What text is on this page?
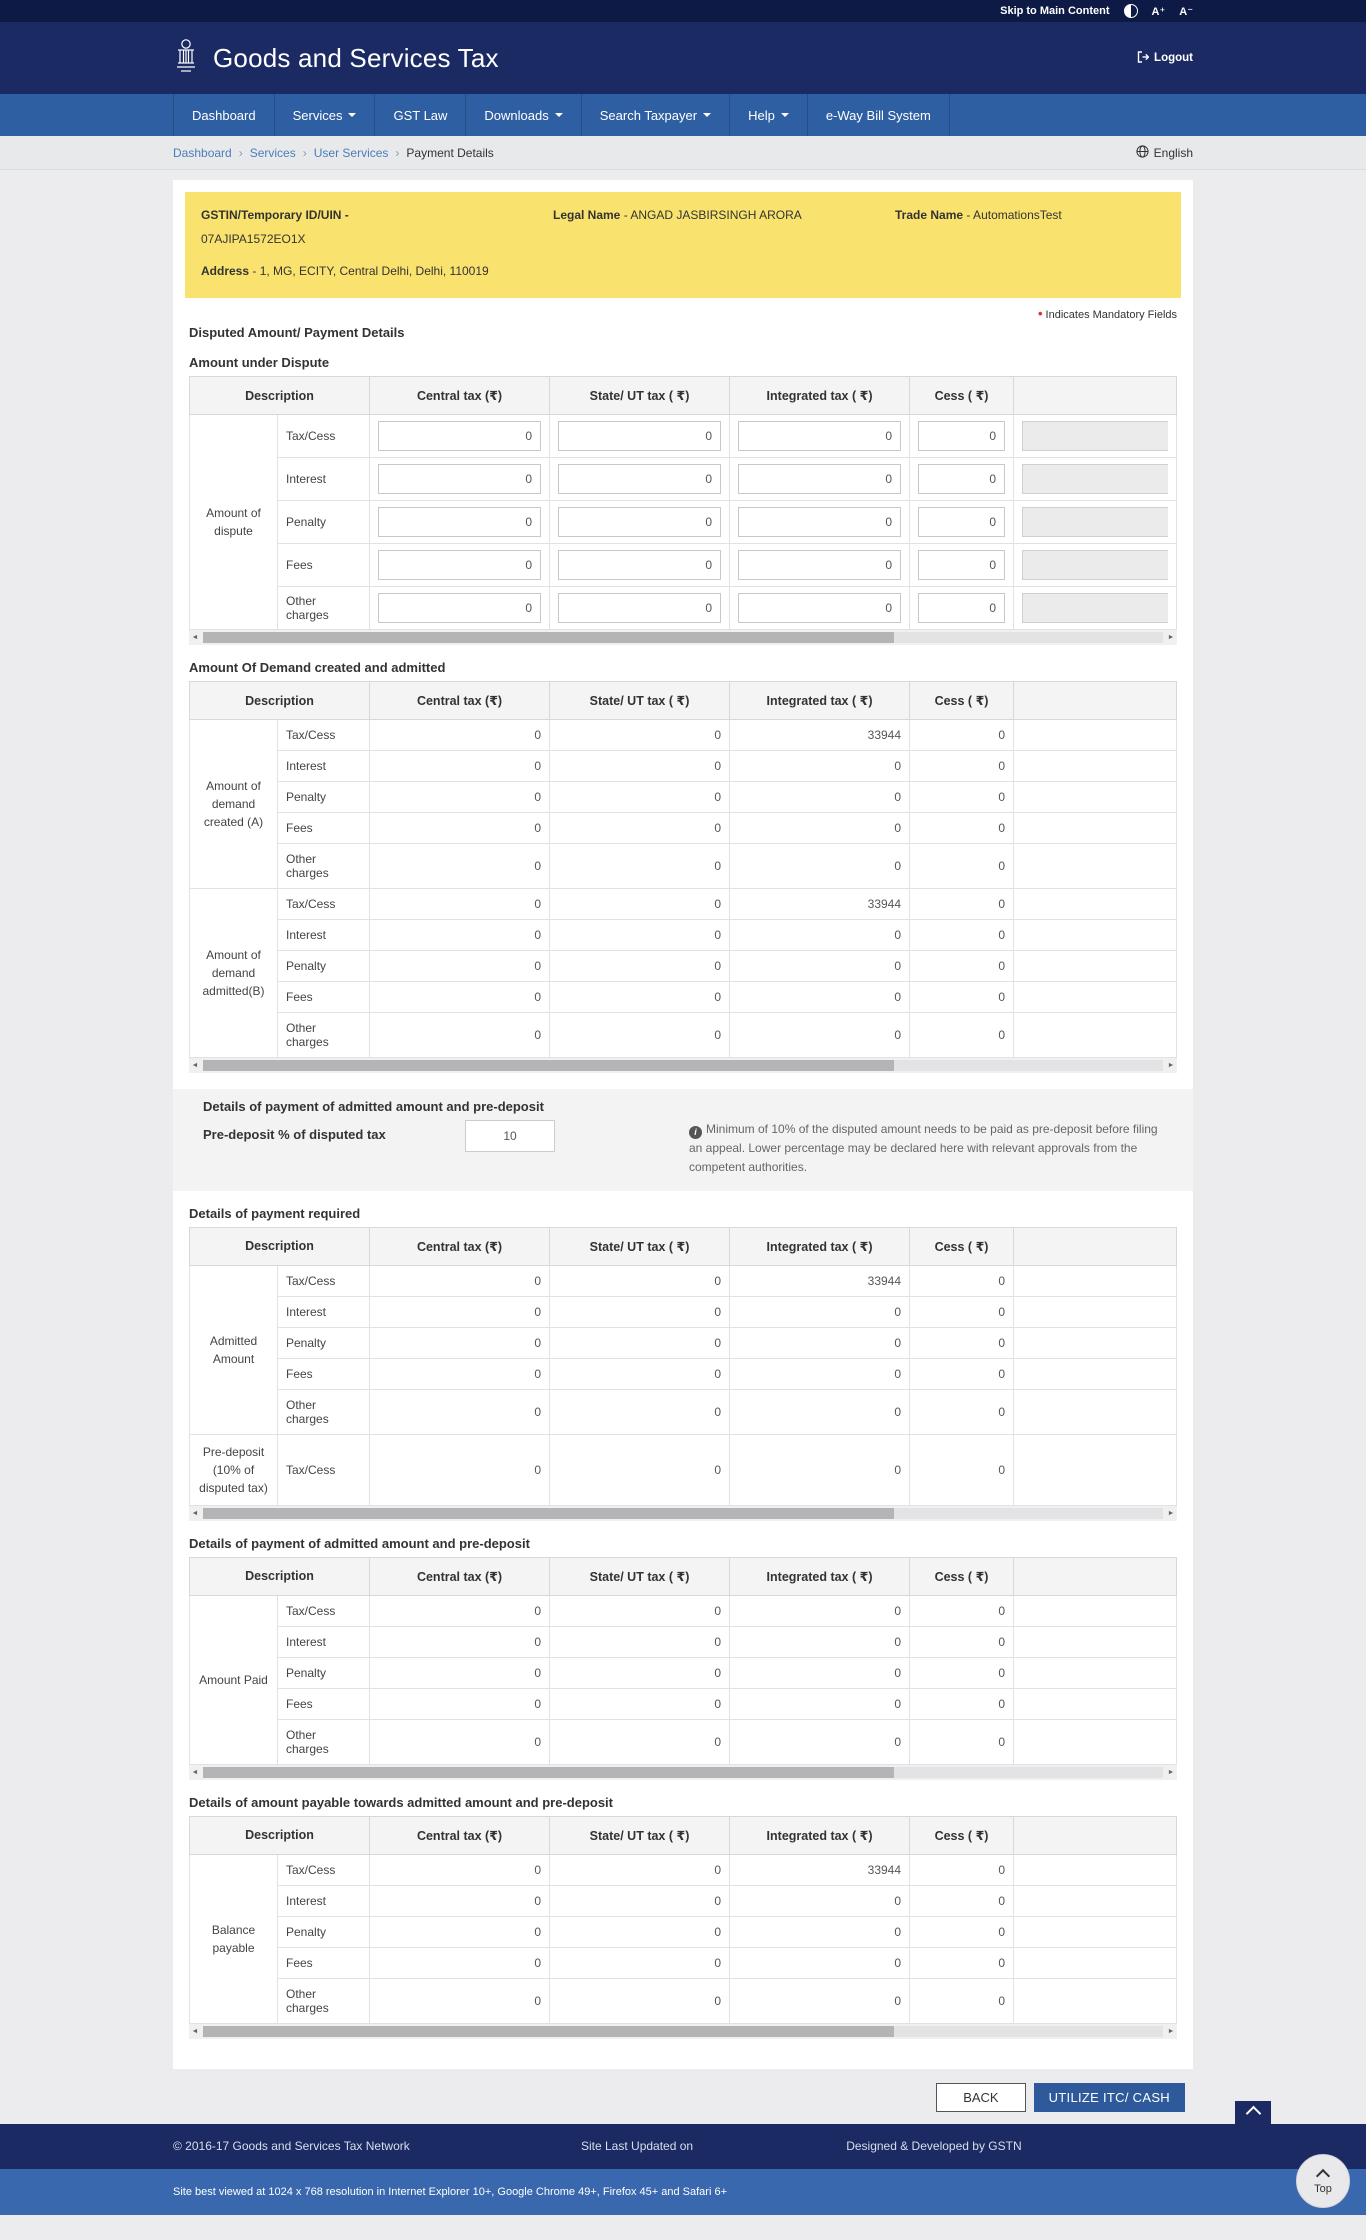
Skip to Main Content	A⁺ A⁻
Goods and Services Tax	Logout
Dashboard	Services	GST Law	Downloads	Search Taxpayer	Help	e-Way Bill System
Dashboard › Services › User Services › Payment Details	English
GSTIN/Temporary ID/UIN -
07AJIPA1572EO1X
Legal Name - ANGAD JASBIRSINGH ARORA	Trade Name - AutomationsTest
Address - 1, MG, ECITY, Central Delhi, Delhi, 110019
• Indicates Mandatory Fields
Disputed Amount/ Payment Details
Amount under Dispute
Description		Central tax (₹)	State/ UT tax ( ₹)	Integrated tax ( ₹)	Cess ( ₹)	
Amount of dispute	Tax/Cess	0	0	0	0	

	Interest	0	0	0	0	

	Penalty	0	0	0	0	

	Fees	0	0	0	0	

	Other charges	0	0	0	0	
◄
►
Amount Of Demand created and admitted
Description		Central tax (₹)	State/ UT tax ( ₹)	Integrated tax ( ₹)	Cess ( ₹)	
Amount of demand created (A)	Tax/Cess	0	0	33944	0	
	Interest	0	0	0	0	
	Penalty	0	0	0	0	
	Fees	0	0	0	0	
	Other charges	0	0	0	0	
Amount of demand admitted(B)	Tax/Cess	0	0	33944	0	
	Interest	0	0	0	0	
	Penalty	0	0	0	0	
	Fees	0	0	0	0	
	Other charges	0	0	0	0	
◄
►
Details of payment of admitted amount and pre-deposit
Pre-deposit % of disputed tax
10 i	Minimum of 10% of the disputed amount needs to be paid as pre-deposit before filing an appeal. Lower percentage may be declared here with relevant approvals from the competent authorities.
Details of payment required
Description		Central tax (₹)	State/ UT tax ( ₹)	Integrated tax ( ₹)	Cess ( ₹)	
Admitted Amount	Tax/Cess	0	0	33944	0	
	Interest	0	0	0	0	
	Penalty	0	0	0	0	
	Fees	0	0	0	0	
	Other charges	0	0	0	0	
Pre-deposit (10% of disputed tax)	Tax/Cess	0	0	0	0	
◄
►
Details of payment of admitted amount and pre-deposit
Description		Central tax (₹)	State/ UT tax ( ₹)	Integrated tax ( ₹)	Cess ( ₹)	
Amount Paid	Tax/Cess	0	0	0	0	
	Interest	0	0	0	0	
	Penalty	0	0	0	0	
	Fees	0	0	0	0	
	Other charges	0	0	0	0	
◄
►
Details of amount payable towards admitted amount and pre-deposit
Description		Central tax (₹)	State/ UT tax ( ₹)	Integrated tax ( ₹)	Cess ( ₹)	
Balance payable	Tax/Cess	0	0	33944	0	
	Interest	0	0	0	0	
	Penalty	0	0	0	0	
	Fees	0	0	0	0	
	Other charges	0	0	0	0	
◄
►
BACK	UTILIZE ITC/ CASH
© 2016-17 Goods and Services Tax Network	Site Last Updated on	Designed & Developed by GSTN
Site best viewed at 1024 x 768 resolution in Internet Explorer 10+, Google Chrome 49+, Firefox 45+ and Safari 6+	Top
